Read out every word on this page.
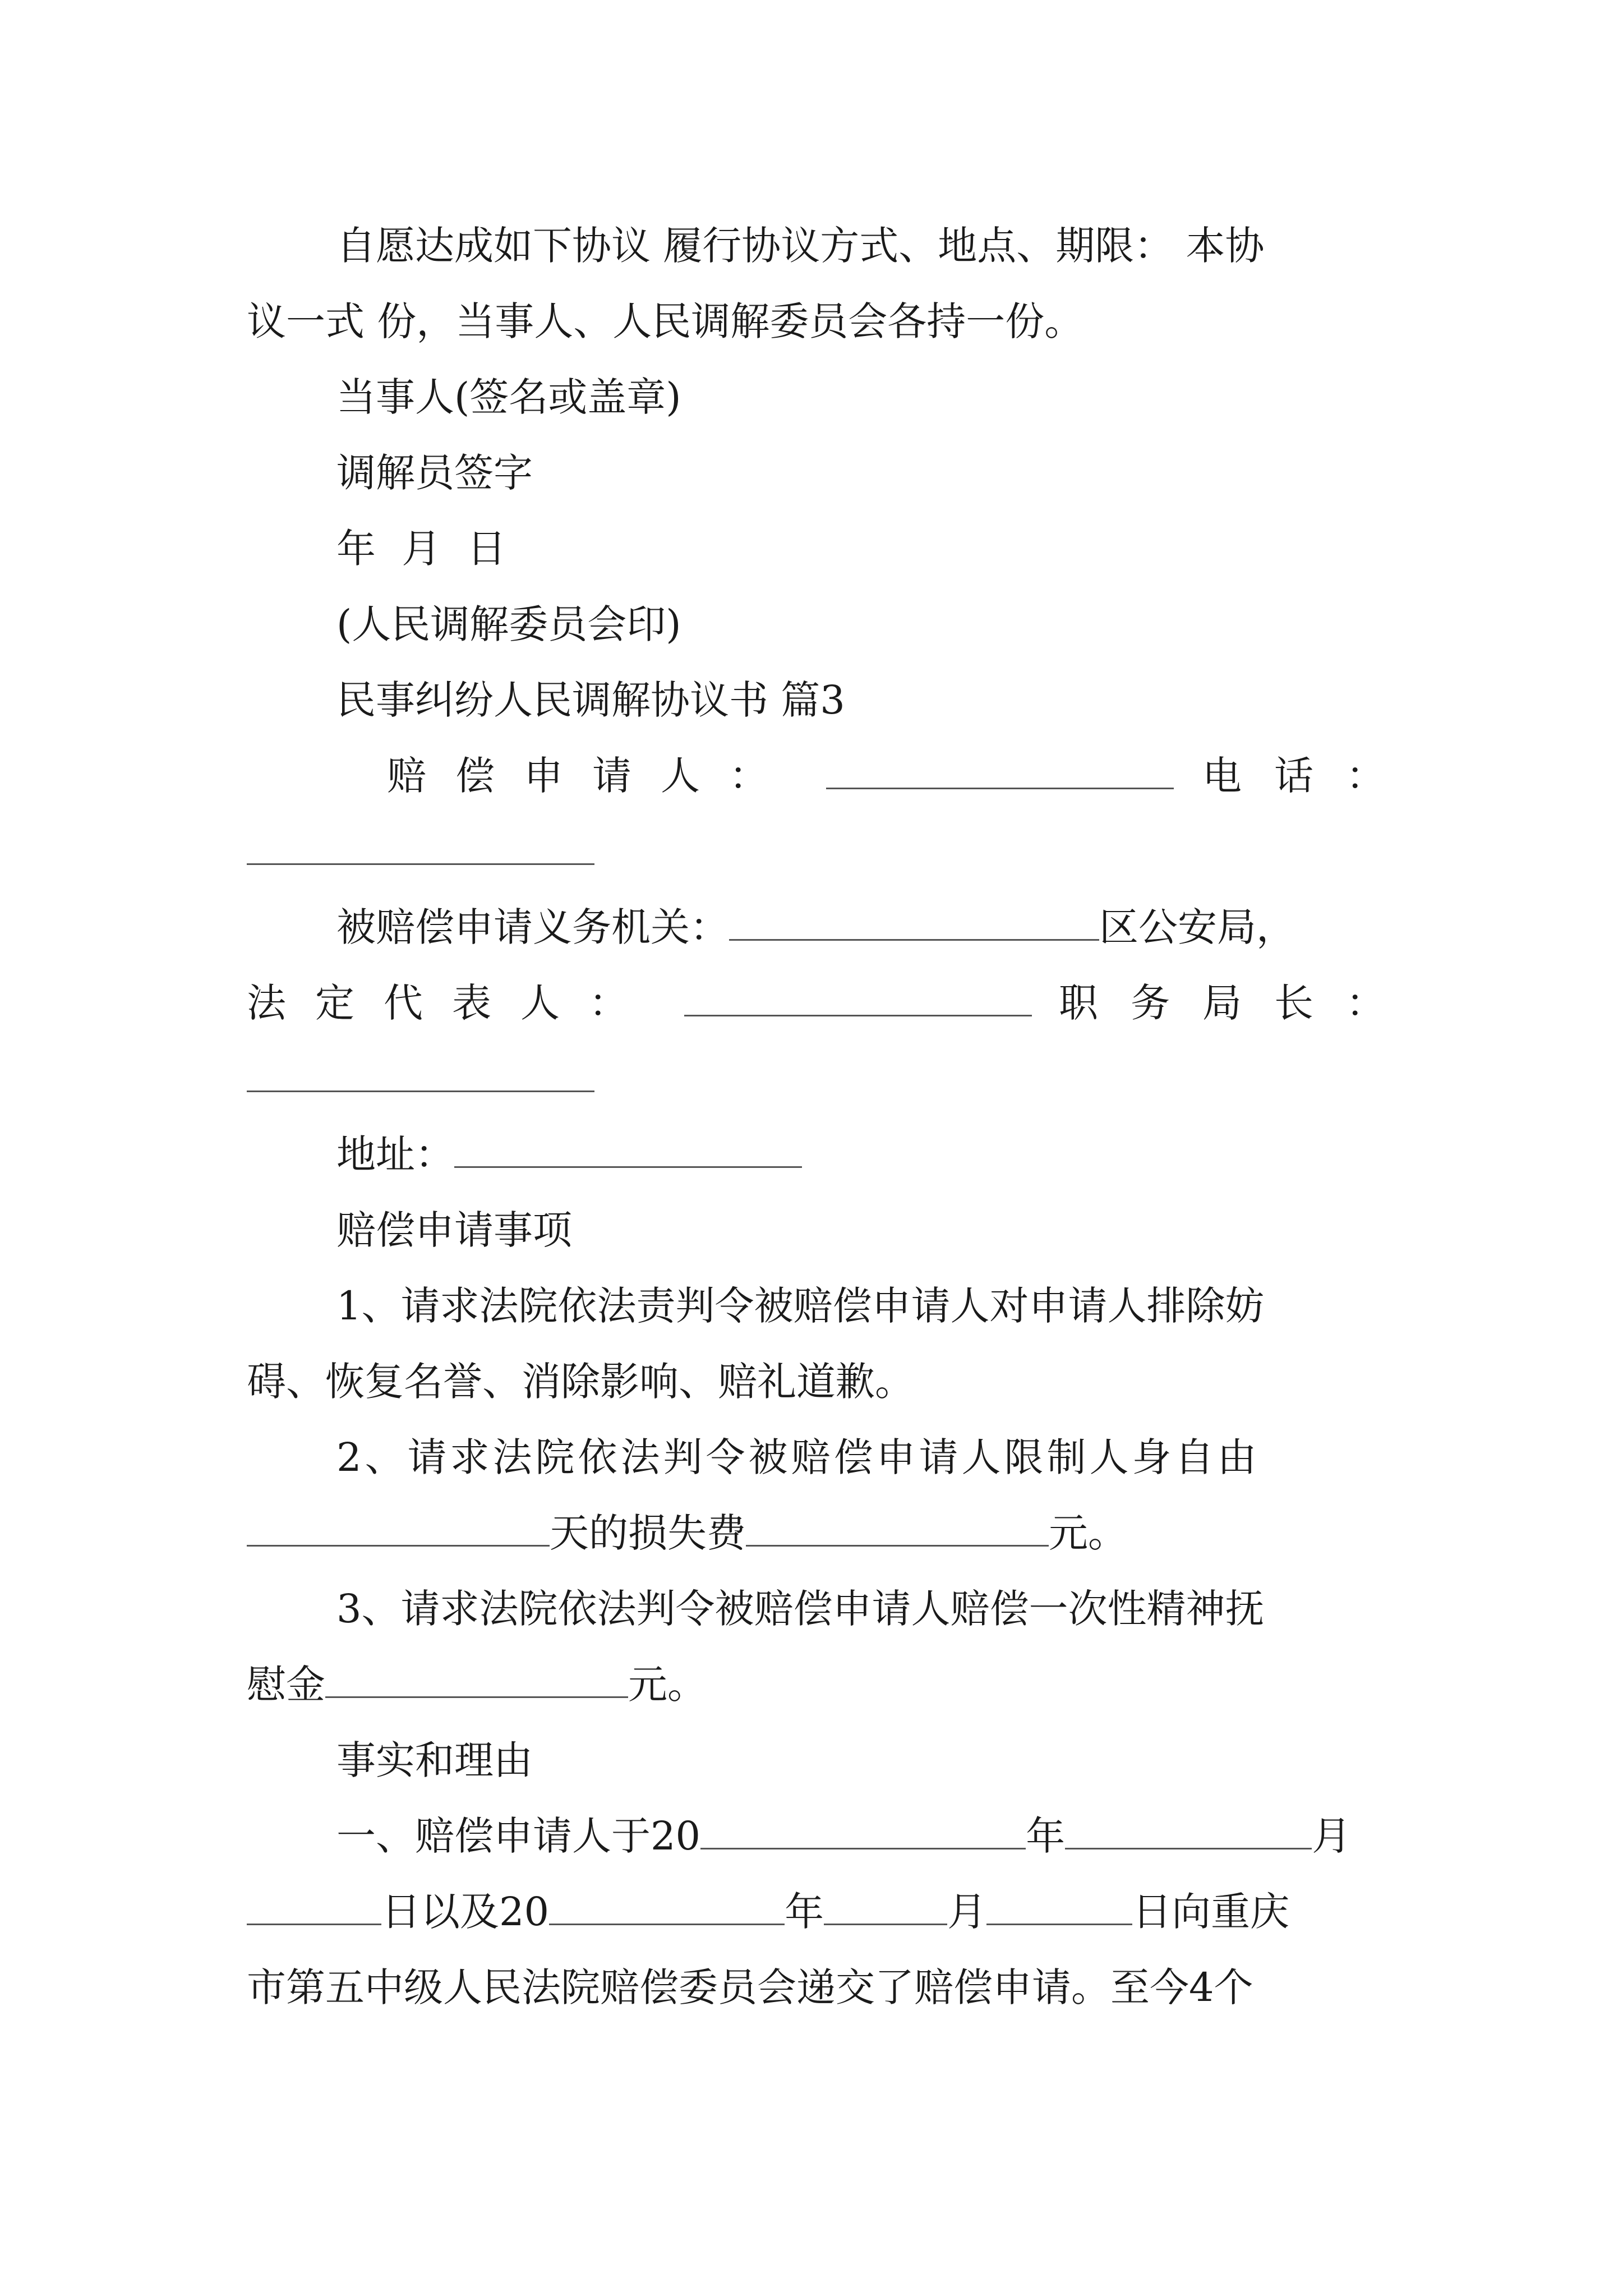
自愿达成如下协议 履行协议方式、地点、期限： 本协
议一式 份，当事人、人民调解委员会各持一份。
当事人(签名或盖章)
调解员签字
年 月 日
(人民调解委员会印)
民事纠纷人民调解协议书 篇3
赔偿申请人：	电话：
被赔偿申请义务机关：	区公安局，
法定代表人：	职务局长：
地址：
赔偿申请事项
1、请求法院依法责判令被赔偿申请人对申请人排除妨
碍、恢复名誉、消除影响、赔礼道歉。
2、请求法院依法判令被赔偿申请人限制人身自由
天的损失费	元。
3、请求法院依法判令被赔偿申请人赔偿一次性精神抚
慰金	元。
事实和理由
一、赔偿申请人于20	年	月
日以及20	年	月	日向重庆
市第五中级人民法院赔偿委员会递交了赔偿申请。至今4个
